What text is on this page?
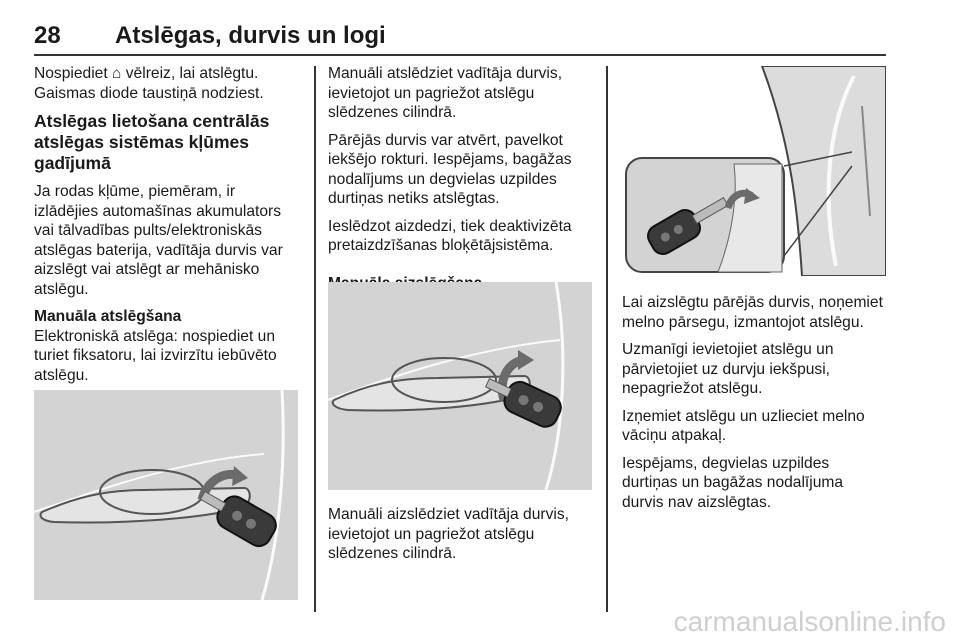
28 Atslēgas, durvis un logi

Nospiediet ⌂ vēlreiz, lai atslēgtu.
Gaismas diode taustiņā nodziest.

Atslēgas lietošana centrālās
atslēgas sistēmas kļūmes
gadījumā

Ja rodas kļūme, piemēram, ir
izlādējies automašīnas akumulators
vai tālvadības pults/elektroniskās
atslēgas baterija, vadītāja durvis var
aizslēgt vai atslēgt ar mehānisko
atslēgu.

Manuāla atslēgšana

Elektroniskā atslēga: nospiediet un
turiet fiksatoru, lai izvirzītu iebūvēto
atslēgu.

Manuāli atslēdziet vadītāja durvis,
ievietojot un pagriežot atslēgu
slēdzenes cilindrā.

Pārējās durvis var atvērt, pavelkot
iekšējo rokturi. Iespējams, bagāžas
nodalījums un degvielas uzpildes
durtiņas netiks atslēgtas.

Ieslēdzot aizdedzi, tiek deaktivizēta
pretaizdzīšanas bloķētājsistēma.

Manuāli aizslēdziet vadītāja durvis,
ievietojot un pagriežot atslēgu
slēdzenes cilindrā.

Lai aizslēgtu pārējās durvis, noņemiet
melno pārsegu, izmantojot atslēgu.

Uzmanīgi ievietojiet atslēgu un
pārvietojiet uz durvju iekšpusi,
nepagriežot atslēgu.

Izņemiet atslēgu un uzlieciet melno
vāciņu atpakaļ.

Iespējams, degvielas uzpildes
durtiņas un bagāžas nodalījuma
durvis nav aizslēgtas.

carmanualsonline.info
